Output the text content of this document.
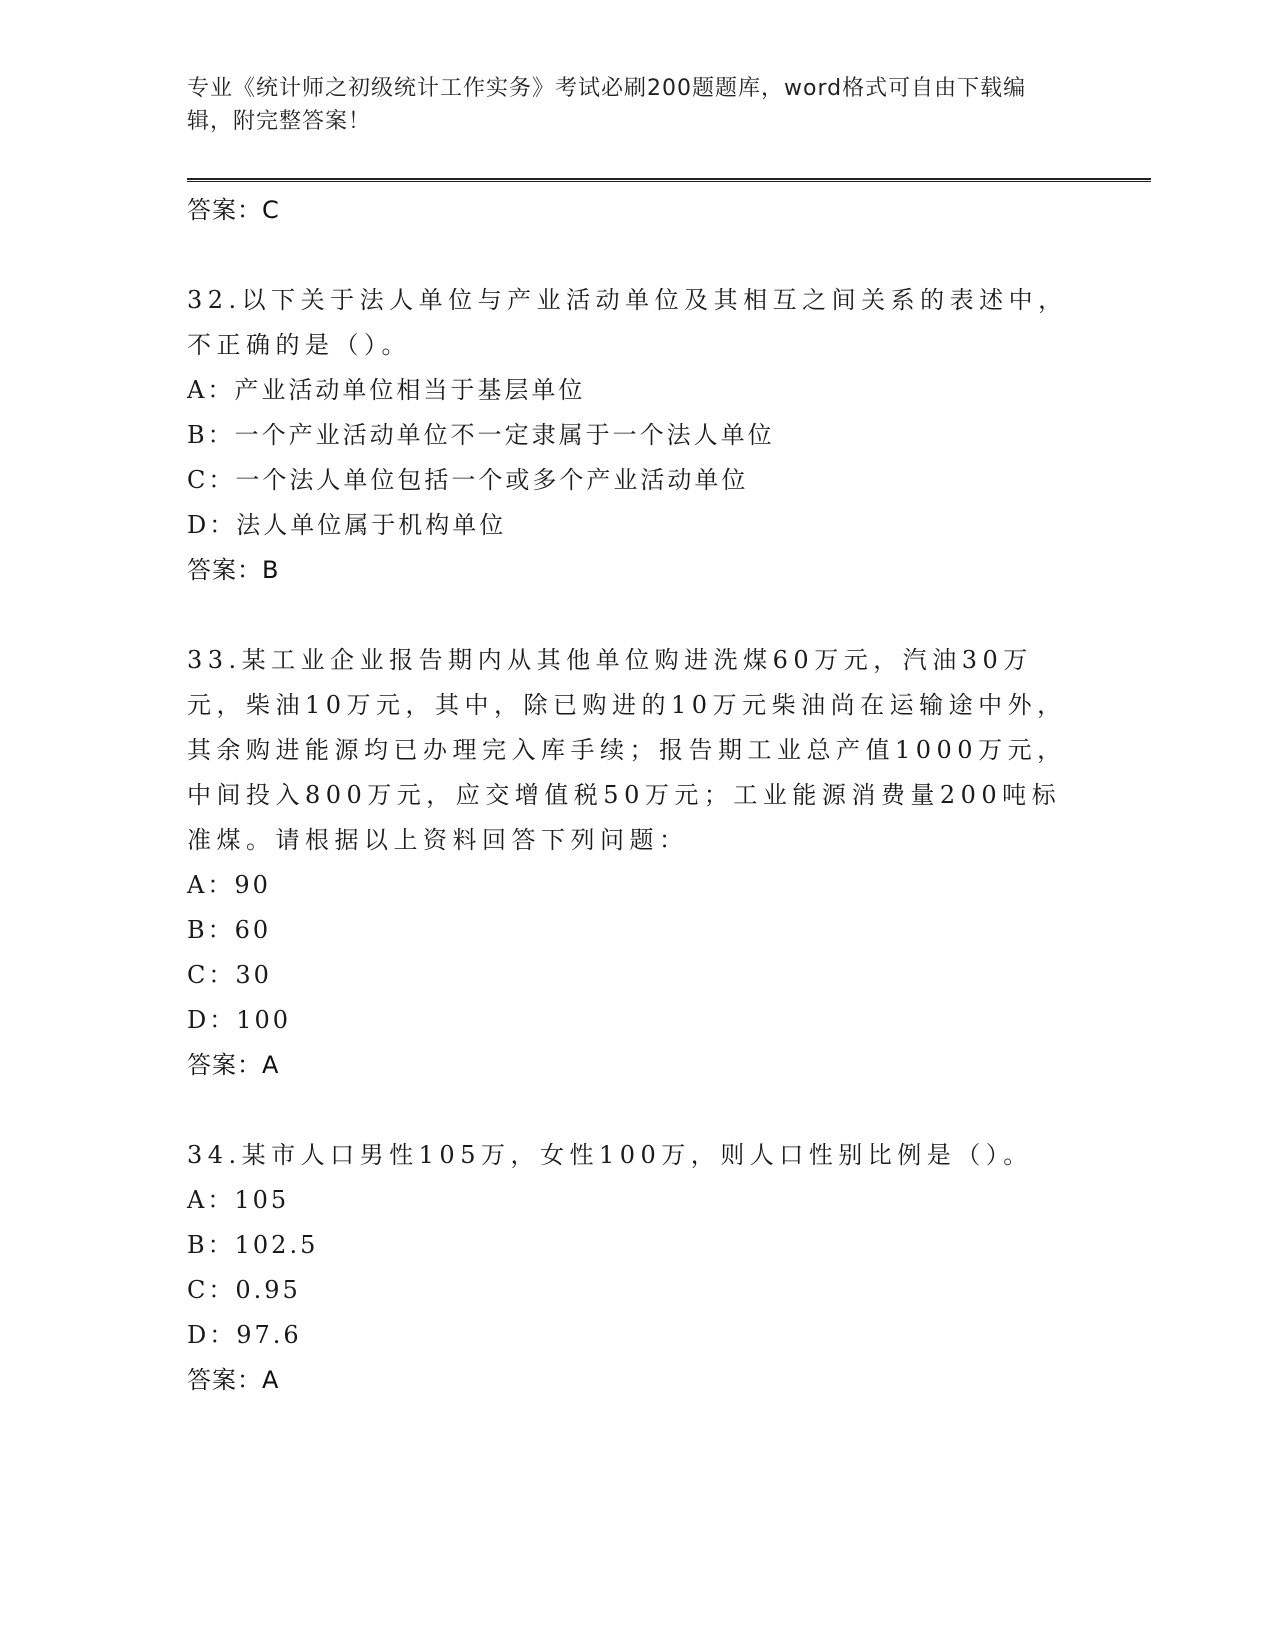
专业《统计师之初级统计工作实务》考试必刷200题题库，word格式可自由下载编辑，附完整答案！
答案：C

32.以下关于法人单位与产业活动单位及其相互之间关系的表述中，不正确的是（）。

A：产业活动单位相当于基层单位
B：一个产业活动单位不一定隶属于一个法人单位
C：一个法人单位包括一个或多个产业活动单位
D：法人单位属于机构单位
答案：B

33.某工业企业报告期内从其他单位购进洗煤60万元，汽油30万元，柴油10万元，其中，除已购进的10万元柴油尚在运输途中外，其余购进能源均已办理完入库手续；报告期工业总产值1000万元，中间投入800万元，应交增值税50万元；工业能源消费量200吨标准煤。请根据以上资料回答下列问题：

A：90
B：60
C：30
D：100
答案：A

34.某市人口男性105万，女性100万，则人口性别比例是（）。

A：105
B：102.5
C：0.95
D：97.6
答案：A
